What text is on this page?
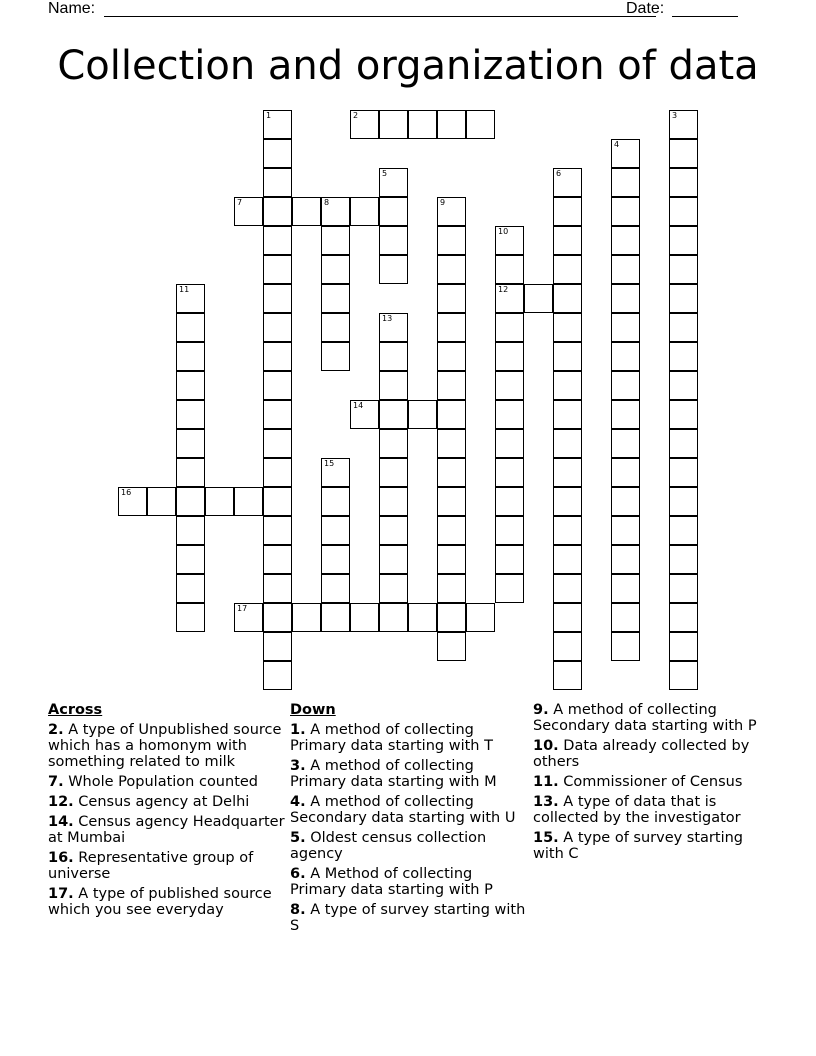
Name:	Date:
Collection and organization of data
1	2	3
4
5	6
7	8	9
10
12
11
13
14
15
16
17
Across
2. A type of Unpublished source which has a homonym with something related to milk
7. Whole Population counted
12. Census agency at Delhi
14. Census agency Headquarter at Mumbai
16. Representative group of universe
17. A type of published source which you see everyday
Down
1. A method of collecting Primary data starting with T
3. A method of collecting Primary data starting with M
4. A method of collecting Secondary data starting with U
5. Oldest census collection agency
6. A Method of collecting Primary data starting with P
8. A type of survey starting with S
9. A method of collecting Secondary data starting with P
10. Data already collected by others
11. Commissioner of Census
13. A type of data that is collected by the investigator
15. A type of survey starting with C
